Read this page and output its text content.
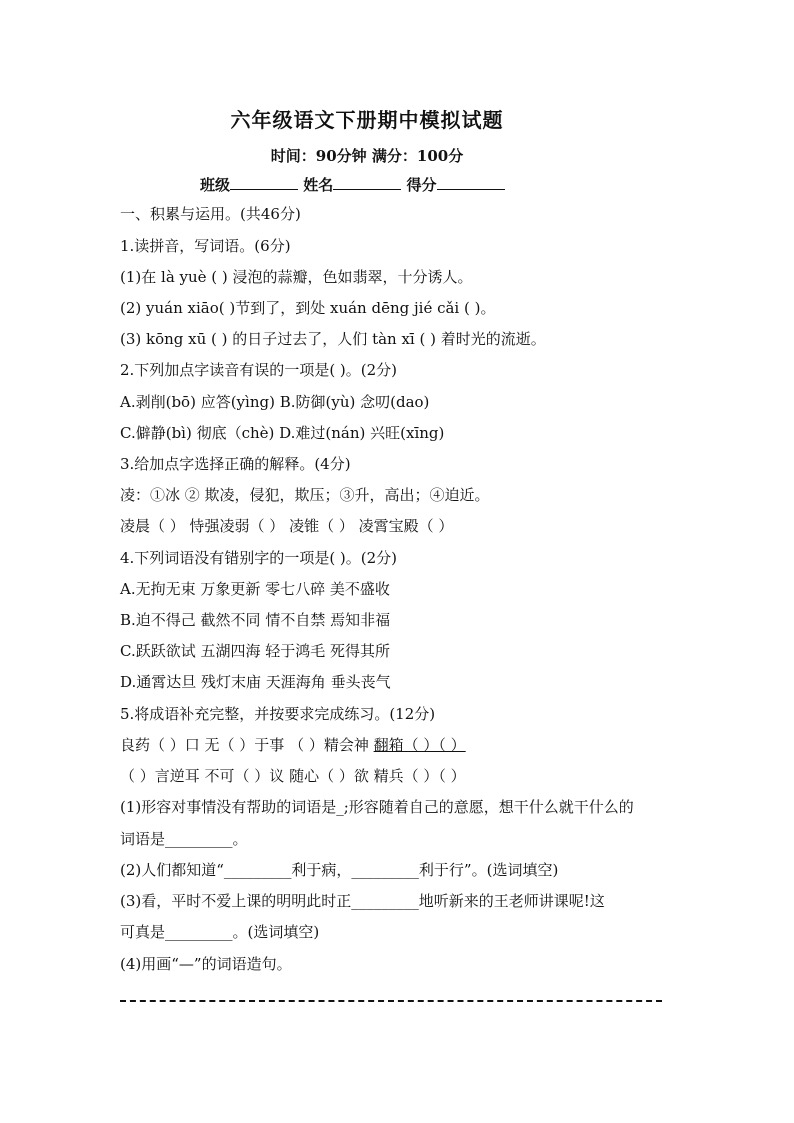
六年级语文下册期中模拟试题
时间：90分钟 满分：100分
班级	姓名	得分
一、积累与运用。(共46分)
1.读拼音，写词语。(6分)
(1)在 là yuè ( ) 浸泡的蒜瓣，色如翡翠，十分诱人。
(2) yuán xiāo( )节到了，到处 xuán dēng jié cǎi ( )。
(3) kōng xū ( ) 的日子过去了，人们 tàn xī ( ) 着时光的流逝。
2.下列加点字读音有误的一项是( )。(2分)
A.剥削(bō) 应答(yìng) B.防御(yù) 念叨(dao)
C.僻静(bì) 彻底（chè) D.难过(nán) 兴旺(xīng)
3.给加点字选择正确的解释。(4分)
凌：①冰 ② 欺凌，侵犯，欺压；③升，高出；④迫近。
凌晨（ ） 恃强凌弱（ ） 凌锥（ ） 凌霄宝殿（ ）
4.下列词语没有错别字的一项是( )。(2分)
A.无拘无束 万象更新 零七八碎 美不盛收
B.迫不得己 截然不同 情不自禁 焉知非福
C.跃跃欲试 五湖四海 轻于鸿毛 死得其所
D.通霄达旦 残灯末庙 天涯海角 垂头丧气
5.将成语补充完整，并按要求完成练习。(12分)
良药（ ）口 无（ ）于事 （ ）精会神 翻箱（ ）（ ）
（ ）言逆耳 不可（ ）议 随心（ ）欲 精兵（ ）（ ）
(1)形容对事情没有帮助的词语是_;形容随着自己的意愿，想干什么就干什么的
词语是_________。
(2)人们都知道“_________利于病，_________利于行”。(选词填空)
(3)看，平时不爱上课的明明此时正_________地听新来的王老师讲课呢!这
可真是_________。(选词填空)
(4)用画“—”的词语造句。
